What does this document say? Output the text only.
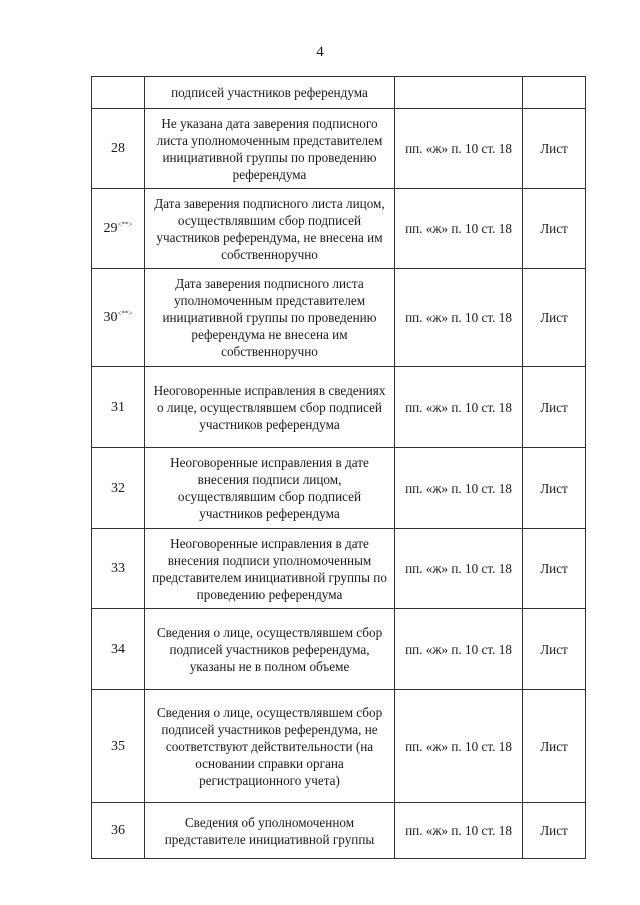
4
	подписей участников референдума		
28	Не указана дата заверения подписного листа уполномоченным представителем инициативной группы по проведению референдума	пп. «ж» п. 10 ст. 18	Лист
29<**>	Дата заверения подписного листа лицом, осуществлявшим сбор подписей участников референдума, не внесена им собственноручно	пп. «ж» п. 10 ст. 18	Лист
30<**>	Дата заверения подписного листа уполномоченным представителем инициативной группы по проведению референдума не внесена им собственноручно	пп. «ж» п. 10 ст. 18	Лист
31	Неоговоренные исправления в сведениях о лице, осуществлявшем сбор подписей участников референдума	пп. «ж» п. 10 ст. 18	Лист
32	Неоговоренные исправления в дате внесения подписи лицом, осуществлявшим сбор подписей участников референдума	пп. «ж» п. 10 ст. 18	Лист
33	Неоговоренные исправления в дате внесения подписи уполномоченным представителем инициативной группы по проведению референдума	пп. «ж» п. 10 ст. 18	Лист
34	Сведения о лице, осуществлявшем сбор подписей участников референдума, указаны не в полном объеме	пп. «ж» п. 10 ст. 18	Лист
35	Сведения о лице, осуществлявшем сбор подписей участников референдума, не соответствуют действительности (на основании справки органа регистрационного учета)	пп. «ж» п. 10 ст. 18	Лист
36	Сведения об уполномоченном представителе инициативной группы	пп. «ж» п. 10 ст. 18	Лист
